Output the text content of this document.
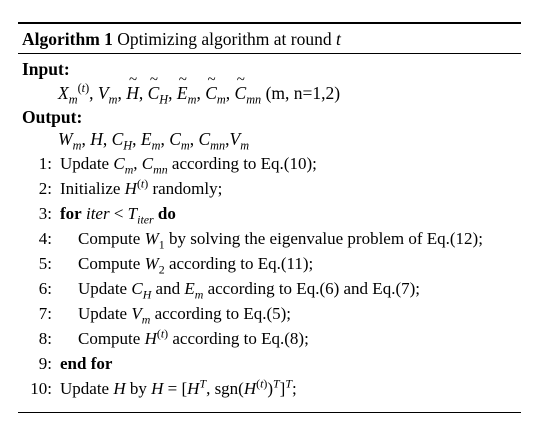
Algorithm 1 Optimizing algorithm at round t
Input:
$X_m^{(t)}$, $V_m$, ~ H, ~ $C_H$, ~ $E_m$, ~ $C_m$, ~ $C_{mn}$ (m, n=1,2)
Output:
$W_m$, H, $C_H$, $E_m$, $C_m$, $C_{mn},V_m$
1: Update $C_m$, $C_{mn}$ according to Eq.(10);
2: Initialize $H^{(t)}$ randomly;
3: for iter < $T_{iter}$ do
4:	Compute $W_1$ by solving the eigenvalue problem of Eq.(12);
5:	Compute $W_2$ according to Eq.(11);
6:	Update $C_H$ and $E_m$ according to Eq.(6) and Eq.(7);
7:	Update $V_m$ according to Eq.(5);
8:	Compute $H^{(t)}$ according to Eq.(8);
9: end for
10: Update H by $H = [H^T$, $sgn(H^{(t)})^T]^T$;
